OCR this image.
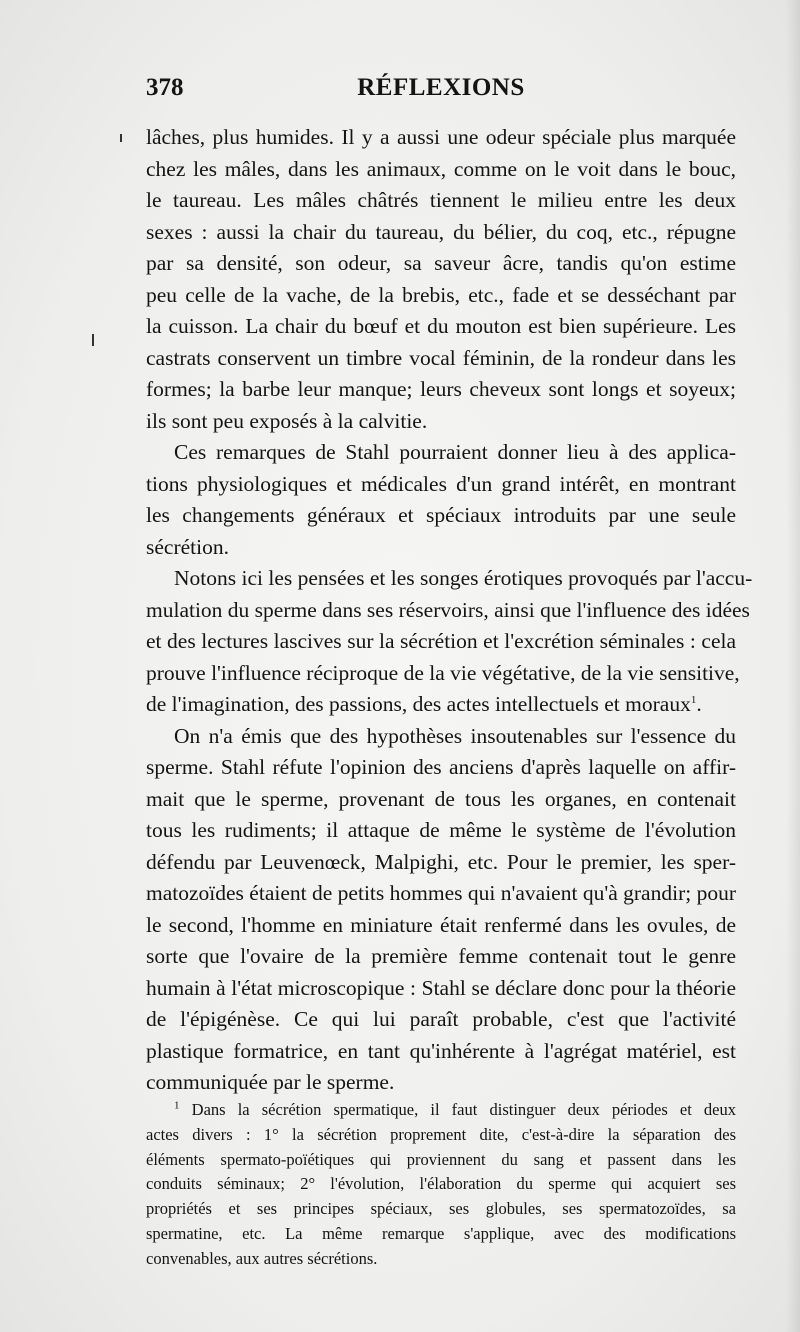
378	RÉFLEXIONS
lâches, plus humides. Il y a aussi une odeur spéciale plus marquée
chez les mâles, dans les animaux, comme on le voit dans le bouc,
le taureau. Les mâles châtrés tiennent le milieu entre les deux
sexes : aussi la chair du taureau, du bélier, du coq, etc., répugne
par sa densité, son odeur, sa saveur âcre, tandis qu'on estime
peu celle de la vache, de la brebis, etc., fade et se desséchant par
la cuisson. La chair du bœuf et du mouton est bien supérieure. Les
castrats conservent un timbre vocal féminin, de la rondeur dans les
formes; la barbe leur manque; leurs cheveux sont longs et soyeux;
ils sont peu exposés à la calvitie.
Ces remarques de Stahl pourraient donner lieu à des applica-
tions physiologiques et médicales d'un grand intérêt, en montrant
les changements généraux et spéciaux introduits par une seule
sécrétion.
Notons ici les pensées et les songes érotiques provoqués par l'accu-
mulation du sperme dans ses réservoirs, ainsi que l'influence des idées
et des lectures lascives sur la sécrétion et l'excrétion séminales : cela
prouve l'influence réciproque de la vie végétative, de la vie sensitive,
de l'imagination, des passions, des actes intellectuels et moraux$^1$.
On n'a émis que des hypothèses insoutenables sur l'essence du
sperme. Stahl réfute l'opinion des anciens d'après laquelle on affir-
mait que le sperme, provenant de tous les organes, en contenait
tous les rudiments; il attaque de même le système de l'évolution
défendu par Leuvenœck, Malpighi, etc. Pour le premier, les sper-
matozoïdes étaient de petits hommes qui n'avaient qu'à grandir; pour
le second, l'homme en miniature était renfermé dans les ovules, de
sorte que l'ovaire de la première femme contenait tout le genre
humain à l'état microscopique : Stahl se déclare donc pour la théorie
de l'épigénèse. Ce qui lui paraît probable, c'est que l'activité
plastique formatrice, en tant qu'inhérente à l'agrégat matériel, est
communiquée par le sperme.
$^1$ Dans la sécrétion spermatique, il faut distinguer deux périodes et deux
actes divers : 1° la sécrétion proprement dite, c'est-à-dire la séparation des
éléments spermato-poïétiques qui proviennent du sang et passent dans les
conduits séminaux; 2° l'évolution, l'élaboration du sperme qui acquiert ses
propriétés et ses principes spéciaux, ses globules, ses spermatozoïdes, sa
spermatine, etc. La même remarque s'applique, avec des modifications
convenables, aux autres sécrétions.
